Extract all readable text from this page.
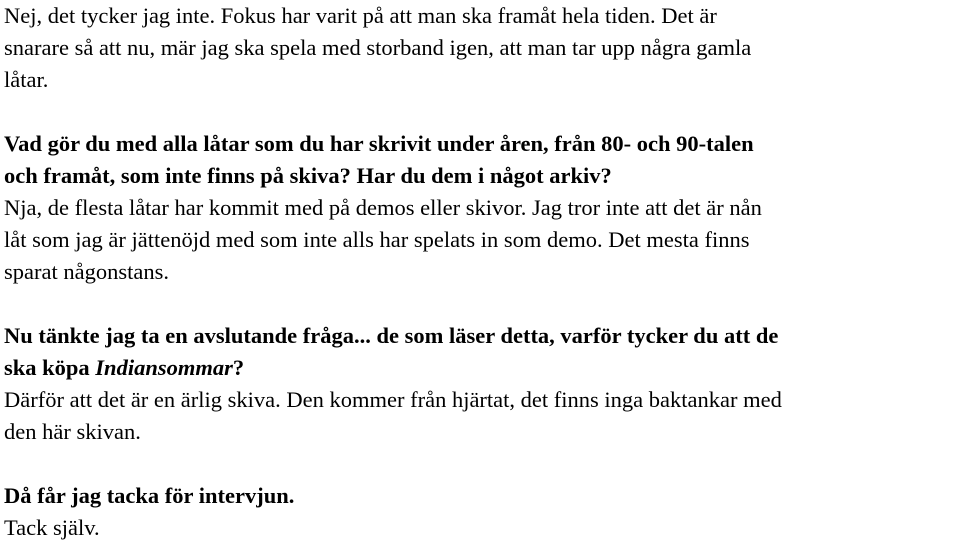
Nej, det tycker jag inte. Fokus har varit på att man ska framåt hela tiden. Det är
snarare så att nu, mär jag ska spela med storband igen, att man tar upp några gamla
låtar.
Vad gör du med alla låtar som du har skrivit under åren, från 80- och 90-talen
och framåt, som inte finns på skiva? Har du dem i något arkiv?
Nja, de flesta låtar har kommit med på demos eller skivor. Jag tror inte att det är nån
låt som jag är jättenöjd med som inte alls har spelats in som demo. Det mesta finns
sparat någonstans.
Nu tänkte jag ta en avslutande fråga... de som läser detta, varför tycker du att de
ska köpa Indiansommar?
Därför att det är en ärlig skiva. Den kommer från hjärtat, det finns inga baktankar med
den här skivan.
Då får jag tacka för intervjun.
Tack själv.
